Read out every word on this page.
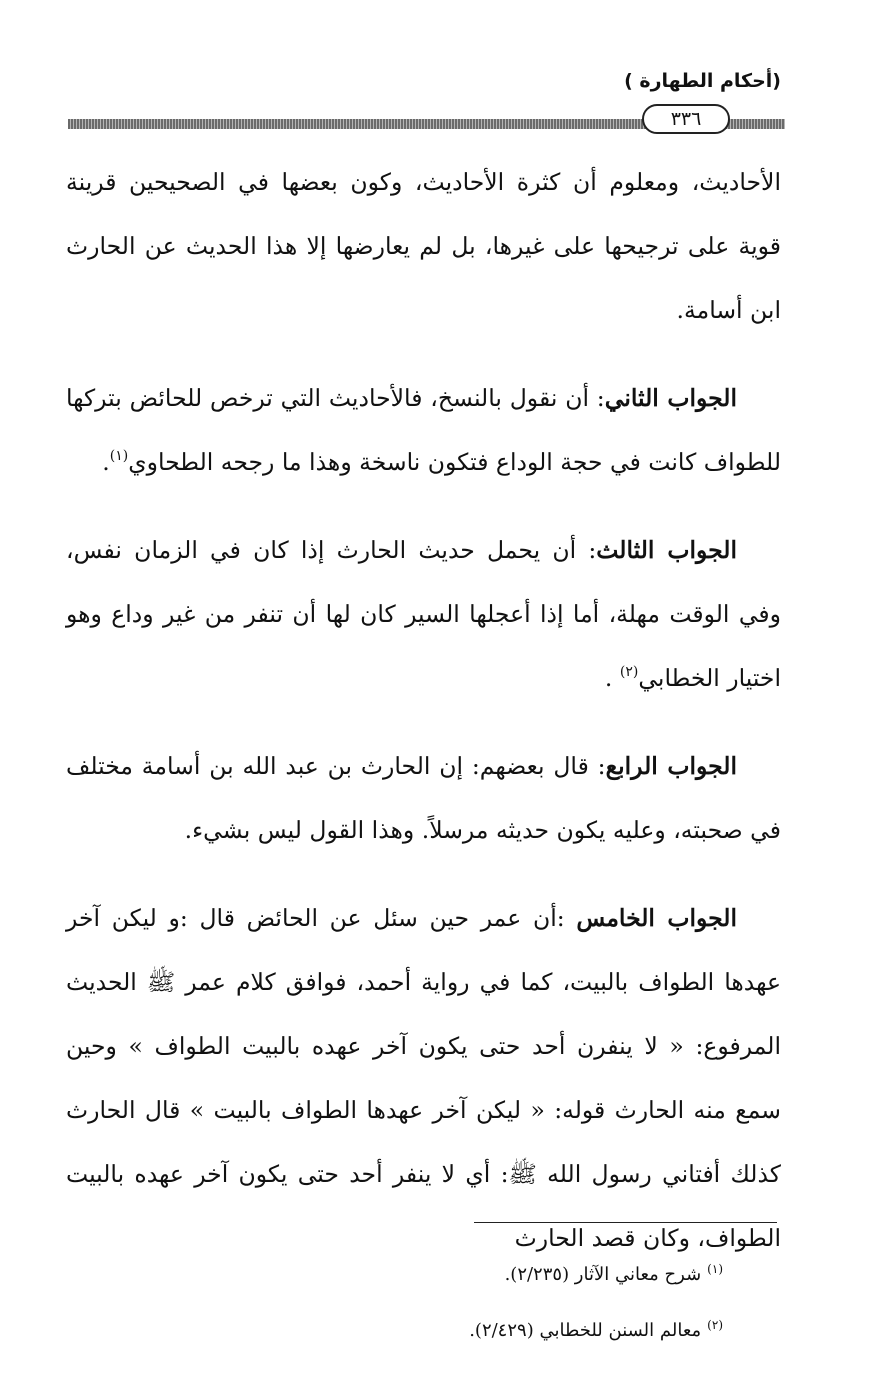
(أحكام الطهارة )
٣٣٦

الأحاديث، ومعلوم أن كثرة الأحاديث، وكون بعضها في الصحيحين قرينة قوية على ترجيحها على غيرها، بل لم يعارضها إلا هذا الحديث عن الحارث ابن أسامة.

الجواب الثاني: أن نقول بالنسخ، فالأحاديث التي ترخص للحائض بتركها للطواف كانت في حجة الوداع فتكون ناسخة وهذا ما رجحه الطحاوي$^{(١)}$.

الجواب الثالث: أن يحمل حديث الحارث إذا كان في الزمان نفس، وفي الوقت مهلة، أما إذا أعجلها السير كان لها أن تنفر من غير وداع وهو اختيار الخطابي$^{(٢)}$ .

الجواب الرابع: قال بعضهم: إن الحارث بن عبد الله بن أسامة مختلف في صحبته، وعليه يكون حديثه مرسلاً. وهذا القول ليس بشيء.

الجواب الخامس :أن عمر حين سئل عن الحائض قال :و ليكن آخر عهدها الطواف بالبيت، كما في رواية أحمد، فوافق كلام عمر ﷺ الحديث المرفوع: « لا ينفرن أحد حتى يكون آخر عهده بالبيت الطواف » وحين سمع منه الحارث قوله: « ليكن آخر عهدها الطواف بالبيت » قال الحارث كذلك أفتاني رسول الله ﷺ: أي لا ينفر أحد حتى يكون آخر عهده بالبيت الطواف، وكان قصد الحارث

$^{(١)}$شرح معاني الآثار (٢/٢٣٥).
$^{(٢)}$معالم السنن للخطابي (٢/٤٢٩).
